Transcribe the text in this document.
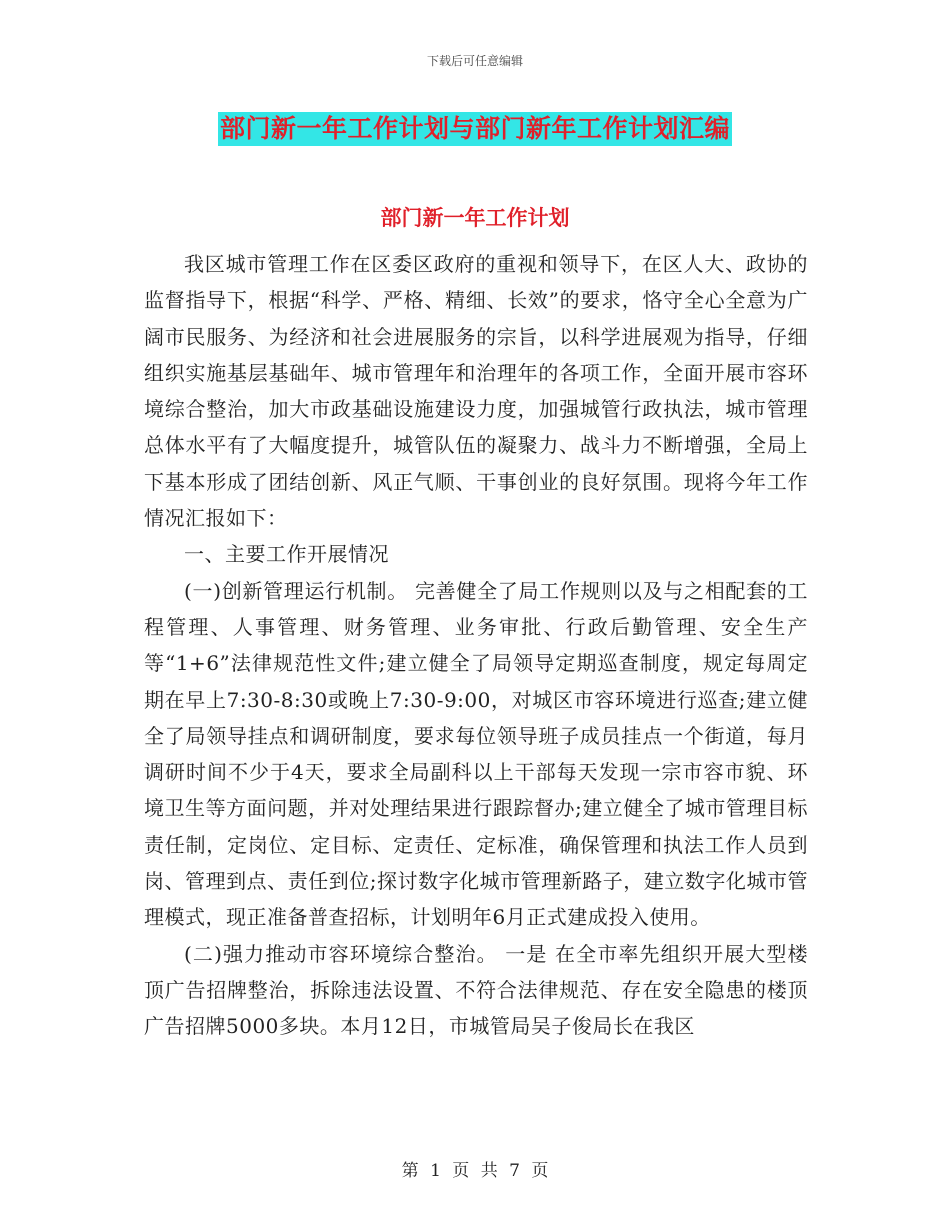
下载后可任意编辑
部门新一年工作计划与部门新年工作计划汇编
部门新一年工作计划

我区城市管理工作在区委区政府的重视和领导下，在区人大、政协的监督指导下，根据“科学、严格、精细、长效”的要求，恪守全心全意为广阔市民服务、为经济和社会进展服务的宗旨，以科学进展观为指导，仔细组织实施基层基础年、城市管理年和治理年的各项工作，全面开展市容环境综合整治，加大市政基础设施建设力度，加强城管行政执法，城市管理总体水平有了大幅度提升，城管队伍的凝聚力、战斗力不断增强，全局上下基本形成了团结创新、风正气顺、干事创业的良好氛围。现将今年工作情况汇报如下：

一、主要工作开展情况

(一)创新管理运行机制。 完善健全了局工作规则以及与之相配套的工程管理、人事管理、财务管理、业务审批、行政后勤管理、安全生产等“1+6”法律规范性文件;建立健全了局领导定期巡查制度，规定每周定期在早上7:30-8:30或晚上7:30-9:00，对城区市容环境进行巡查;建立健全了局领导挂点和调研制度，要求每位领导班子成员挂点一个街道，每月调研时间不少于4天，要求全局副科以上干部每天发现一宗市容市貌、环境卫生等方面问题，并对处理结果进行跟踪督办;建立健全了城市管理目标责任制，定岗位、定目标、定责任、定标准，确保管理和执法工作人员到岗、管理到点、责任到位;探讨数字化城市管理新路子，建立数字化城市管理模式，现正准备普查招标，计划明年6月正式建成投入使用。

(二)强力推动市容环境综合整治。 一是 在全市率先组织开展大型楼顶广告招牌整治，拆除违法设置、不符合法律规范、存在安全隐患的楼顶广告招牌5000多块。本月12日，市城管局吴子俊局长在我区

第 1 页 共 7 页
